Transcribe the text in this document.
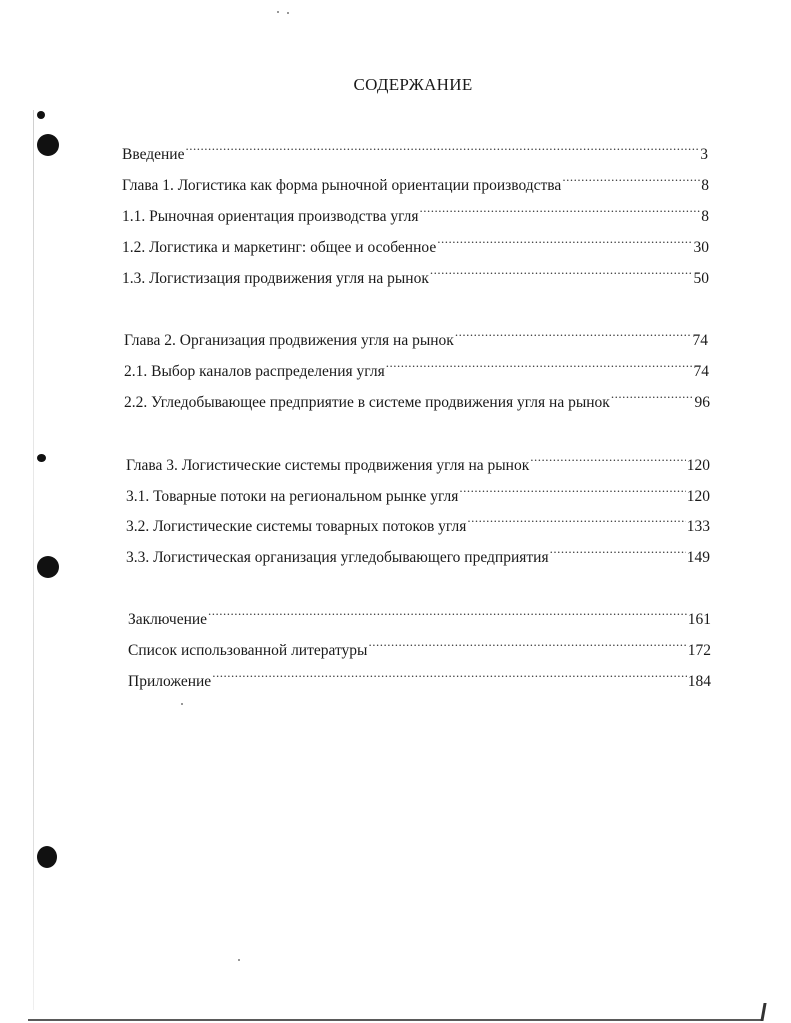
СОДЕРЖАНИЕ
Введение .....	3
Глава 1. Логистика как форма рыночной ориентации производства .....	8
1.1. Рыночная ориентация производства угля .....	8
1.2. Логистика и маркетинг: общее и особенное .....	30
1.3. Логистизация продвижения угля на рынок .....	50
Глава 2. Организация продвижения угля на рынок .....	74
2.1. Выбор каналов распределения угля .....	74
2.2. Угледобывающее предприятие в системе продвижения угля на рынок .....	96
Глава 3. Логистические системы продвижения угля на рынок .....	120
3.1. Товарные потоки на региональном рынке угля .....	120
3.2. Логистические системы товарных потоков угля .....	133
3.3. Логистическая организация угледобывающего предприятия .....	149
Заключение .....	161
Список использованной литературы .....	172
Приложение .....	184
